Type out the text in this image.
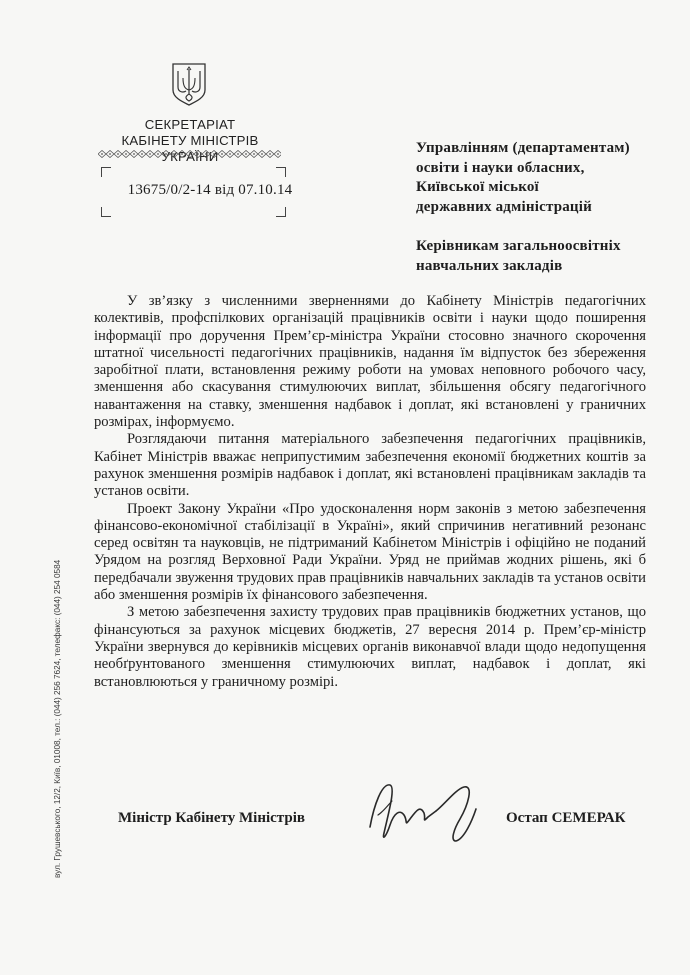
СЕКРЕТАРІАТ
КАБІНЕТУ МІНІСТРІВ
13675/0/2-14 від 07.10.14
Управлінням (департаментам)
освіти і науки обласних,
Київської міської
державних адміністрацій
Керівникам загальноосвітніх
навчальних закладів

У зв’язку з численними зверненнями до Кабінету Міністрів педагогічних колективів, профспілкових організацій працівників освіти і науки щодо поширення інформації про доручення Прем’єр-міністра України стосовно значного скорочення штатної чисельності педагогічних працівників, надання їм відпусток без збереження заробітної плати, встановлення режиму роботи на умовах неповного робочого часу, зменшення або скасування стимулюючих виплат, збільшення обсягу педагогічного навантаження на ставку, зменшення надбавок і доплат, які встановлені у граничних розмірах, інформуємо.

Розглядаючи питання матеріального забезпечення педагогічних працівників, Кабінет Міністрів вважає неприпустимим забезпечення економії бюджетних коштів за рахунок зменшення розмірів надбавок і доплат, які встановлені працівникам закладів та установ освіти.

Проект Закону України «Про удосконалення норм законів з метою забезпечення фінансово-економічної стабілізації в Україні», який спричинив негативний резонанс серед освітян та науковців, не підтриманий Кабінетом Міністрів і офіційно не поданий Урядом на розгляд Верховної Ради України. Уряд не приймав жодних рішень, які б передбачали звуження трудових прав працівників навчальних закладів та установ освіти або зменшення розмірів їх фінансового забезпечення.

З метою забезпечення захисту трудових прав працівників бюджетних установ, що фінансуються за рахунок місцевих бюджетів, 27 вересня 2014 р. Прем’єр-міністр України звернувся до керівників місцевих органів виконавчої влади щодо недопущення необґрунтованого зменшення стимулюючих виплат, надбавок і доплат, які встановлюються у граничному розмірі.

Міністр Кабінету Міністрів	Остап СЕМЕРАК
вул. Грушевського, 12/2, Київ, 01008, тел.: (044) 256 7624, телефакс: (044) 254 0584
